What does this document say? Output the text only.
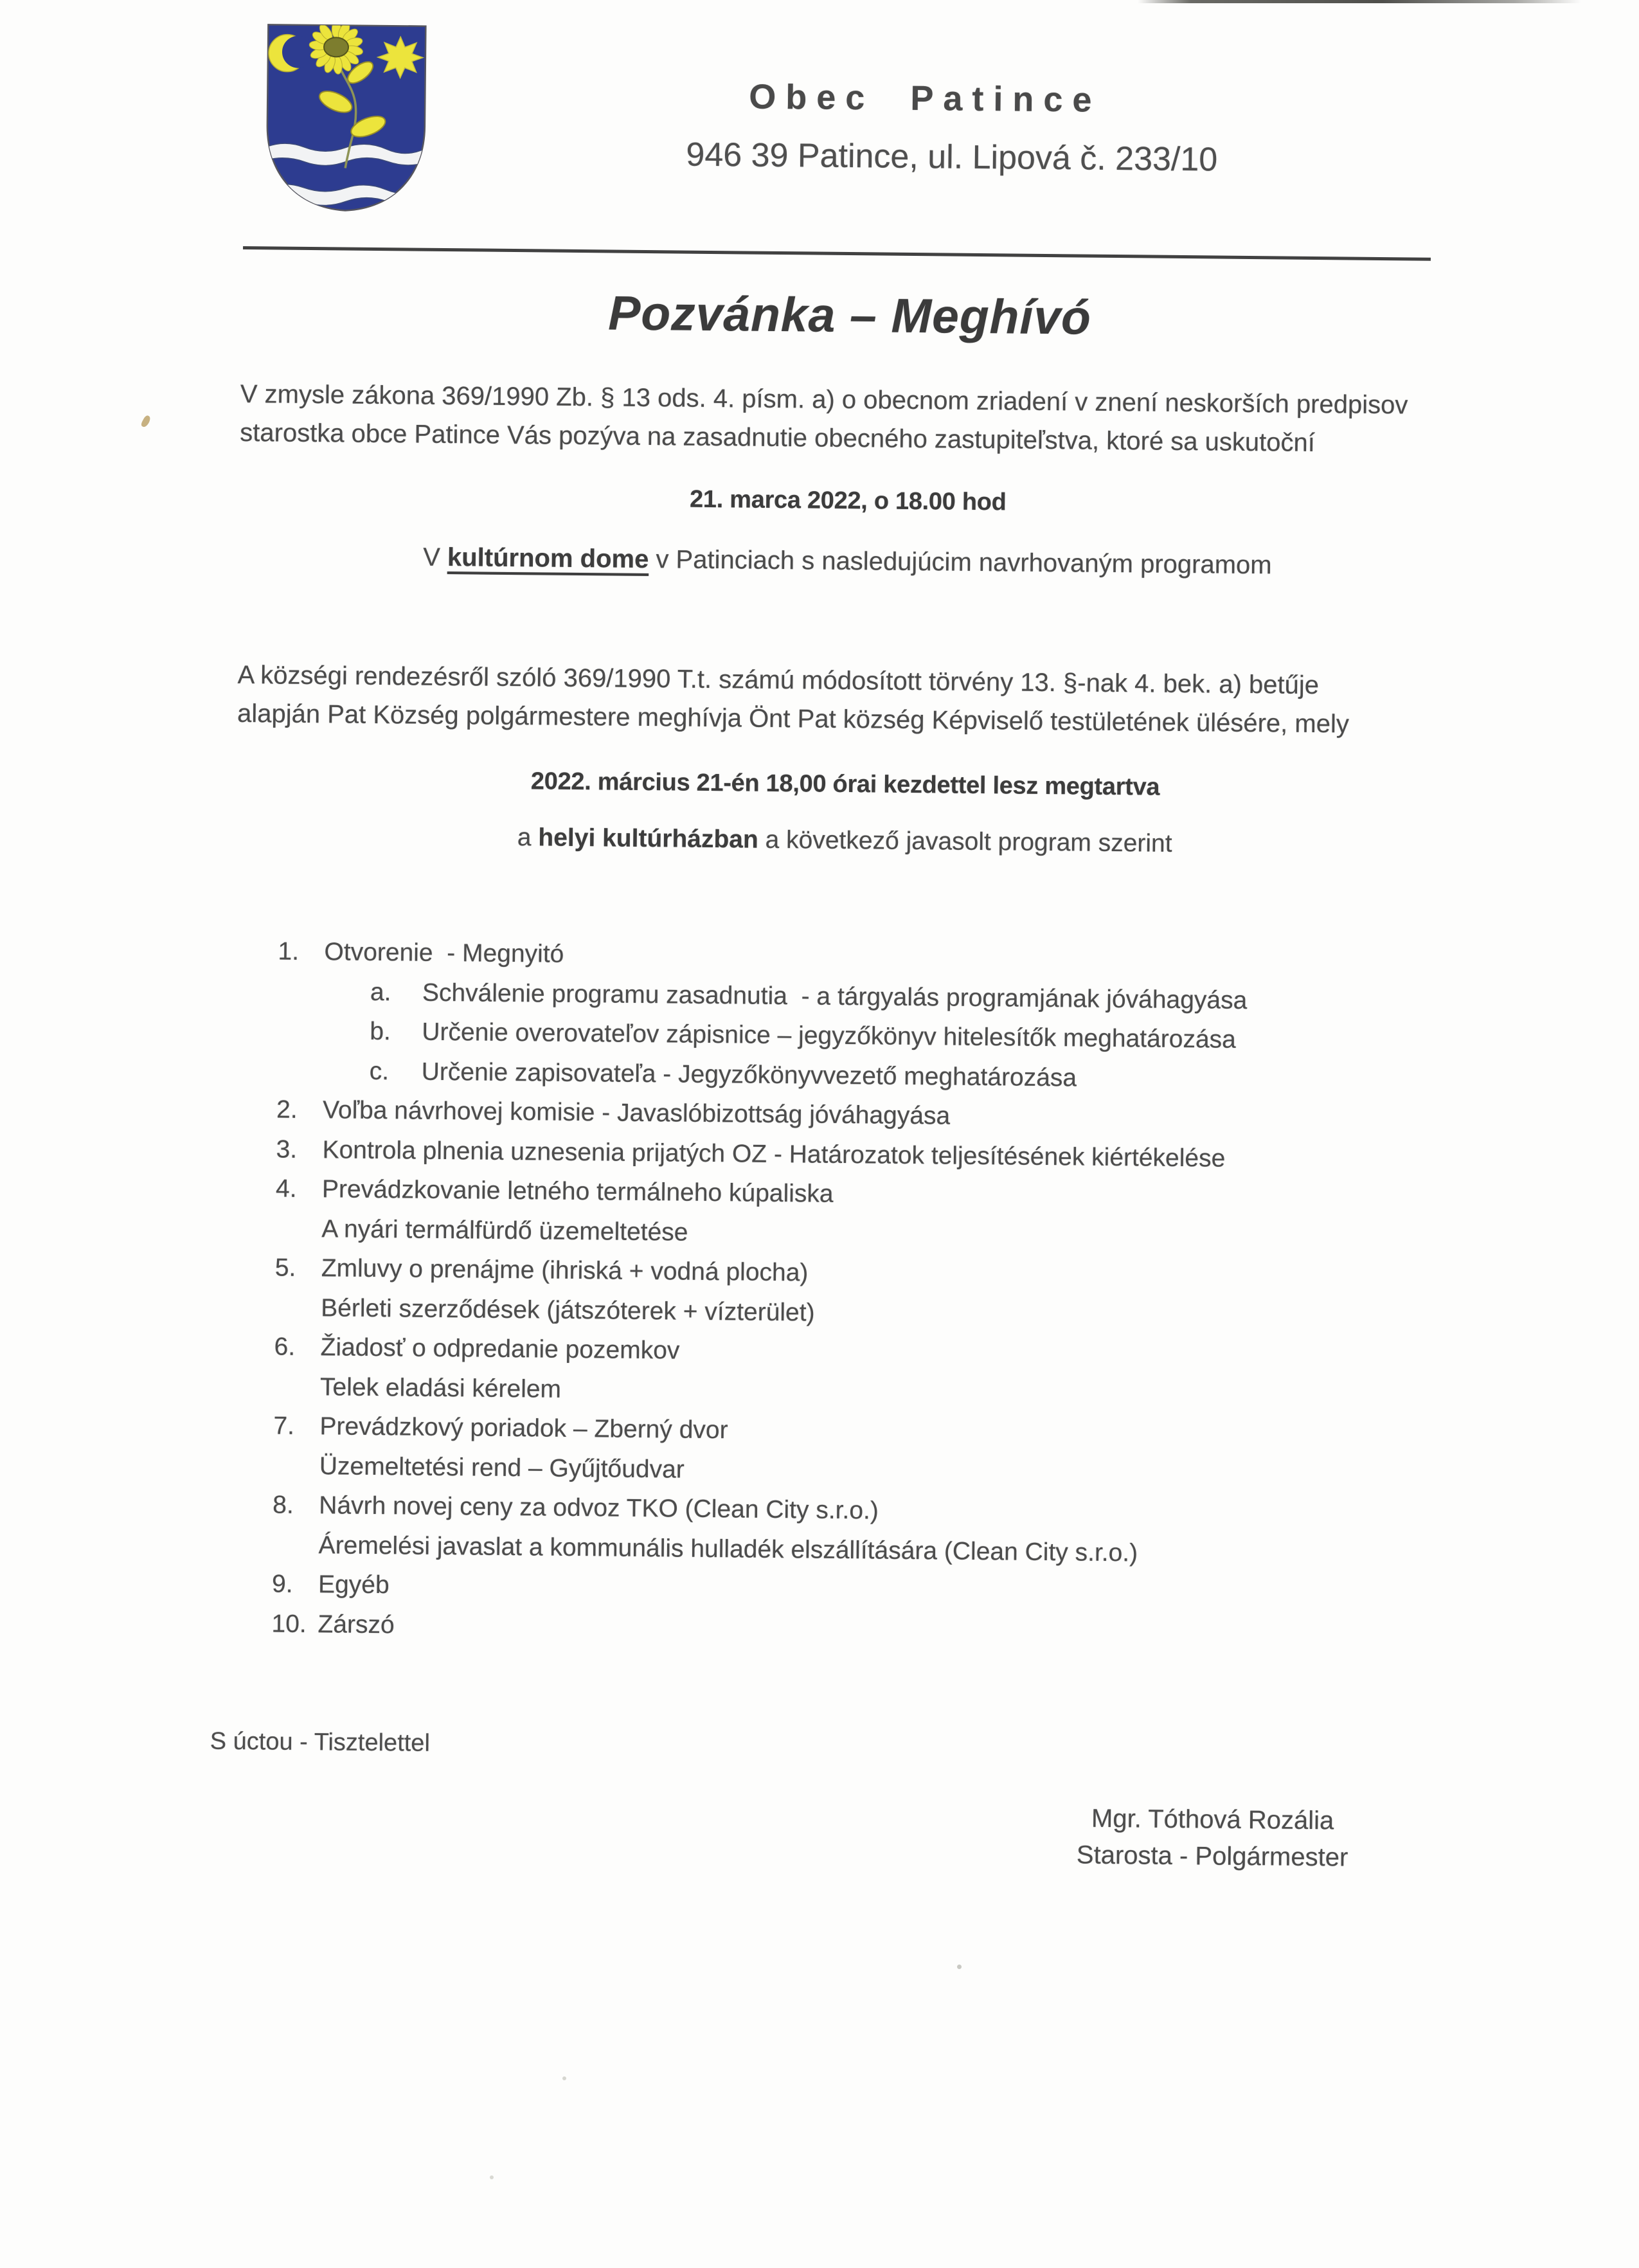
Obec Patince
946 39 Patince, ul. Lipová č. 233/10
Pozvánka – Meghívó
V zmysle zákona 369/1990 Zb. § 13 ods. 4. písm. a) o obecnom zriadení v znení neskorších predpisov
starostka obce Patince Vás pozýva na zasadnutie obecného zastupiteľstva, ktoré sa uskutoční
21. marca 2022, o 18.00 hod
V kultúrnom dome v Patinciach s nasledujúcim navrhovaným programom
A községi rendezésről szóló 369/1990 T.t. számú módosított törvény 13. §-nak 4. bek. a) betűje
alapján Pat Község polgármestere meghívja Önt Pat község Képviselő testületének ülésére, mely
2022. március 21-én 18,00 órai kezdettel lesz megtartva
a helyi kultúrházban a következő javasolt program szerint
1.	Otvorenie  - Megnyitó
a.	Schválenie programu zasadnutia  - a tárgyalás programjának jóváhagyása
b.	Určenie overovateľov zápisnice – jegyzőkönyv hitelesítők meghatározása
c.	Určenie zapisovateľa - Jegyzőkönyvvezető meghatározása
2.	Voľba návrhovej komisie - Javaslóbizottság jóváhagyása
3.	Kontrola plnenia uznesenia prijatých OZ - Határozatok teljesítésének kiértékelése
4.	Prevádzkovanie letného termálneho kúpaliska
A nyári termálfürdő üzemeltetése
5.	Zmluvy o prenájme (ihriská + vodná plocha)
Bérleti szerződések (játszóterek + vízterület)
6.	Žiadosť o odpredanie pozemkov
Telek eladási kérelem
7.	Prevádzkový poriadok – Zberný dvor
Üzemeltetési rend – Gyűjtőudvar
8.	Návrh novej ceny za odvoz TKO (Clean City s.r.o.)
Áremelési javaslat a kommunális hulladék elszállítására (Clean City s.r.o.)
9.	Egyéb
10. Zárszó
S úctou - Tisztelettel
Mgr. Tóthová Rozália
Starosta - Polgármester
